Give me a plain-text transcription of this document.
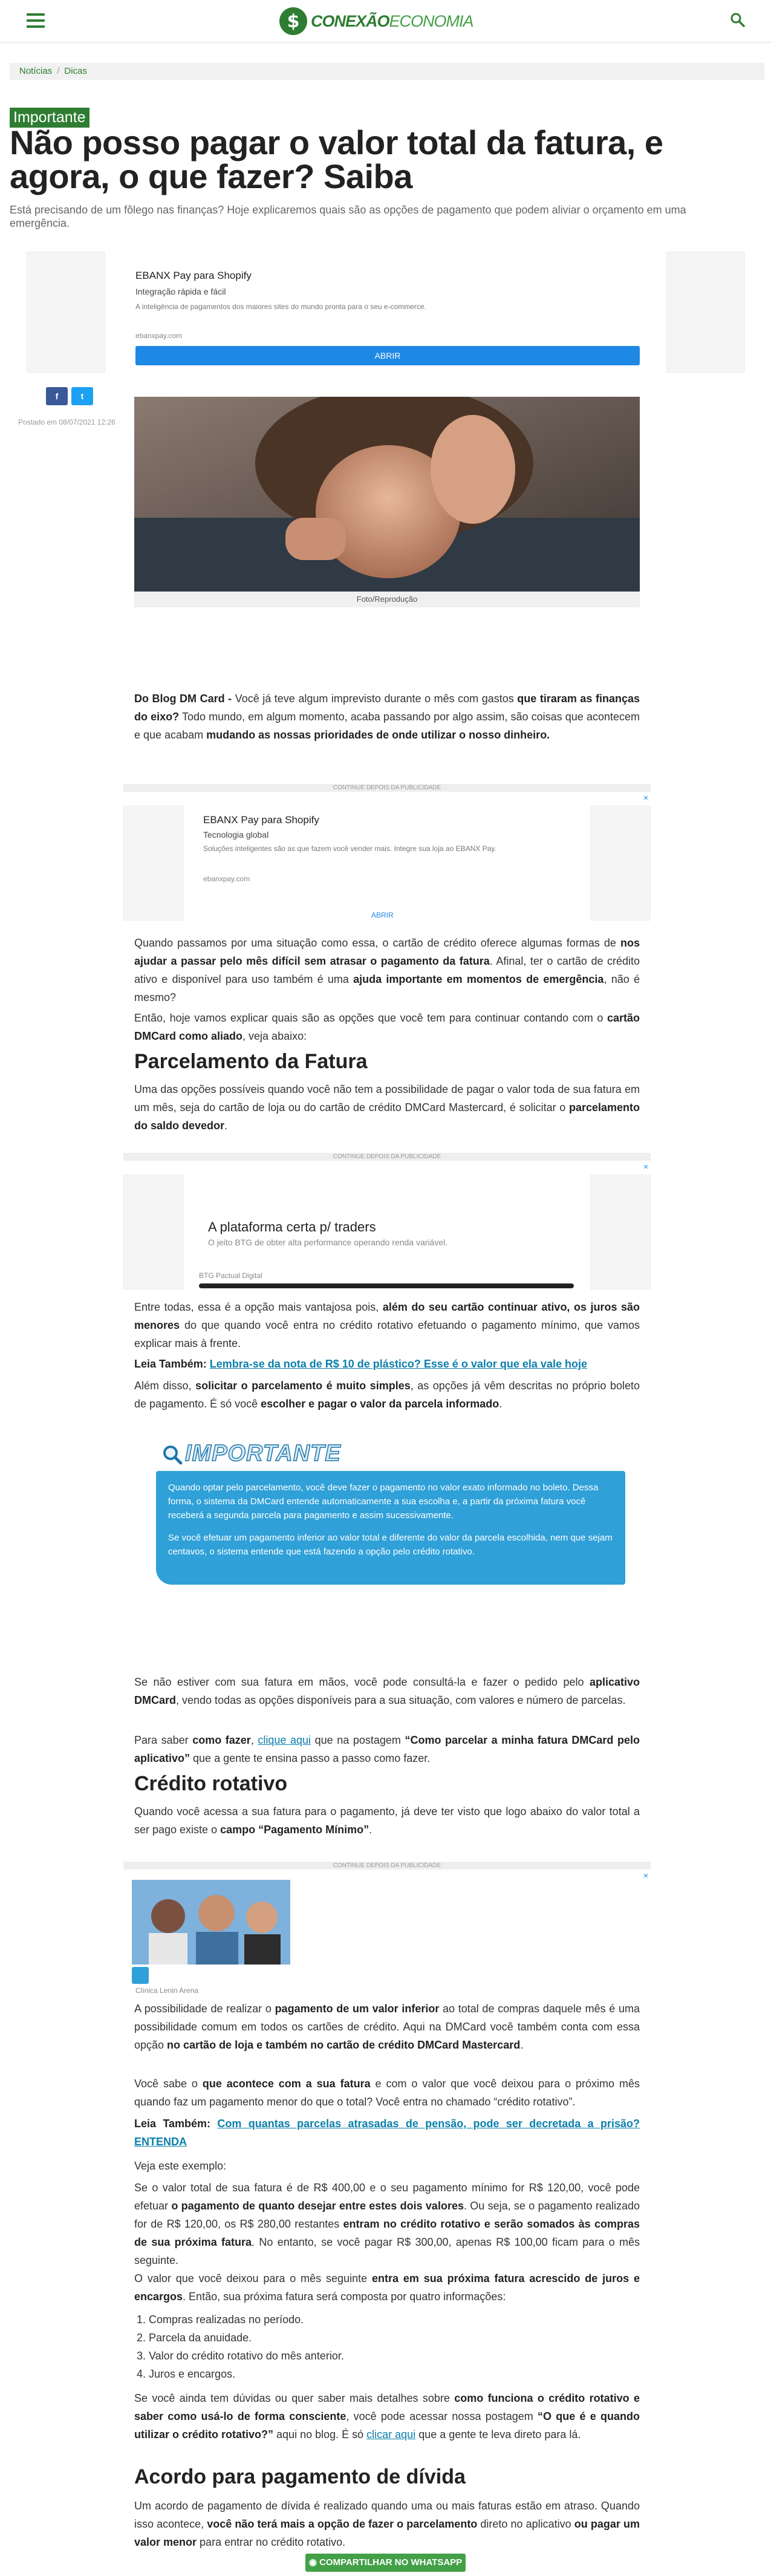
$ CONEXÃOECONOMIA
Notícias / Dicas
Importante
Não posso pagar o valor total da fatura, e agora, o que fazer? Saiba

Está precisando de um fôlego nas finanças? Hoje explicaremos quais são as opções de pagamento que podem aliviar o orçamento em uma emergência.

EBANX Pay para Shopify
Integração rápida e fácil
A inteligência de pagamentos dos maiores sites do mundo pronta para o seu e-commerce.
ebanxpay.com
ABRIR
f	t
Postado em 08/07/2021 12:26
Foto/Reprodução

Do Blog DM Card - Você já teve algum imprevisto durante o mês com gastos que tiraram as finanças do eixo? Todo mundo, em algum momento, acaba passando por algo assim, são coisas que acontecem e que acabam mudando as nossas prioridades de onde utilizar o nosso dinheiro.

CONTINUE DEPOIS DA PUBLICIDADE
✕
EBANX Pay para Shopify
Tecnologia global
Soluções inteligentes são as que fazem você vender mais. Integre sua loja ao EBANX Pay.
ebanxpay.com
ABRIR

Quando passamos por uma situação como essa, o cartão de crédito oferece algumas formas de nos ajudar a passar pelo mês difícil sem atrasar o pagamento da fatura. Afinal, ter o cartão de crédito ativo e disponível para uso também é uma ajuda importante em momentos de emergência, não é mesmo?

Então, hoje vamos explicar quais são as opções que você tem para continuar contando com o cartão DMCard como aliado, veja abaixo:

Parcelamento da Fatura

Uma das opções possíveis quando você não tem a possibilidade de pagar o valor toda de sua fatura em um mês, seja do cartão de loja ou do cartão de crédito DMCard Mastercard, é solicitar o parcelamento do saldo devedor.

CONTINUE DEPOIS DA PUBLICIDADE
✕
A plataforma certa p/ traders
O jeito BTG de obter alta performance operando renda variável.
BTG Pactual Digital

Entre todas, essa é a opção mais vantajosa pois, além do seu cartão continuar ativo, os juros são menores do que quando você entra no crédito rotativo efetuando o pagamento mínimo, que vamos explicar mais à frente.

Leia Também: Lembra-se da nota de R$ 10 de plástico? Esse é o valor que ela vale hoje

Além disso, solicitar o parcelamento é muito simples, as opções já vêm descritas no próprio boleto de pagamento. É só você escolher e pagar o valor da parcela informado.

IMPORTANTE

Quando optar pelo parcelamento, você deve fazer o pagamento no valor exato informado no boleto. Dessa forma, o sistema da DMCard entende automaticamente a sua escolha e, a partir da próxima fatura você receberá a segunda parcela para pagamento e assim sucessivamente.

Se você efetuar um pagamento inferior ao valor total e diferente do valor da parcela escolhida, nem que sejam centavos, o sistema entende que está fazendo a opção pelo crédito rotativo.

Se não estiver com sua fatura em mãos, você pode consultá-la e fazer o pedido pelo aplicativo DMCard, vendo todas as opções disponíveis para a sua situação, com valores e número de parcelas.

Para saber como fazer, clique aqui que na postagem “Como parcelar a minha fatura DMCard pelo aplicativo” que a gente te ensina passo a passo como fazer.

Crédito rotativo

Quando você acessa a sua fatura para o pagamento, já deve ter visto que logo abaixo do valor total a ser pago existe o campo “Pagamento Mínimo”.

CONTINUE DEPOIS DA PUBLICIDADE
✕
Clínica Lenin Arena

A possibilidade de realizar o pagamento de um valor inferior ao total de compras daquele mês é uma possibilidade comum em todos os cartões de crédito. Aqui na DMCard você também conta com essa opção no cartão de loja e também no cartão de crédito DMCard Mastercard.

Você sabe o que acontece com a sua fatura e com o valor que você deixou para o próximo mês quando faz um pagamento menor do que o total? Você entra no chamado “crédito rotativo”.

Leia Também: Com quantas parcelas atrasadas de pensão, pode ser decretada a prisão? ENTENDA

Veja este exemplo:

Se o valor total de sua fatura é de R$ 400,00 e o seu pagamento mínimo for R$ 120,00, você pode efetuar o pagamento de quanto desejar entre estes dois valores. Ou seja, se o pagamento realizado for de R$ 120,00, os R$ 280,00 restantes entram no crédito rotativo e serão somados às compras de sua próxima fatura. No entanto, se você pagar R$ 300,00, apenas R$ 100,00 ficam para o mês seguinte.

O valor que você deixou para o mês seguinte entra em sua próxima fatura acrescido de juros e encargos. Então, sua próxima fatura será composta por quatro informações:

1. Compras realizadas no período.
2. Parcela da anuidade.
3. Valor do crédito rotativo do mês anterior.
4. Juros e encargos.

Se você ainda tem dúvidas ou quer saber mais detalhes sobre como funciona o crédito rotativo e saber como usá-lo de forma consciente, você pode acessar nossa postagem “O que é e quando utilizar o crédito rotativo?” aqui no blog. É só clicar aqui que a gente te leva direto para lá.

Acordo para pagamento de dívida

Um acordo de pagamento de dívida é realizado quando uma ou mais faturas estão em atraso. Quando isso acontece, você não terá mais a opção de fazer o parcelamento direto no aplicativo ou pagar um valor menor para entrar no crédito rotativo.

◉ COMPARTILHAR NO WHATSAPP
